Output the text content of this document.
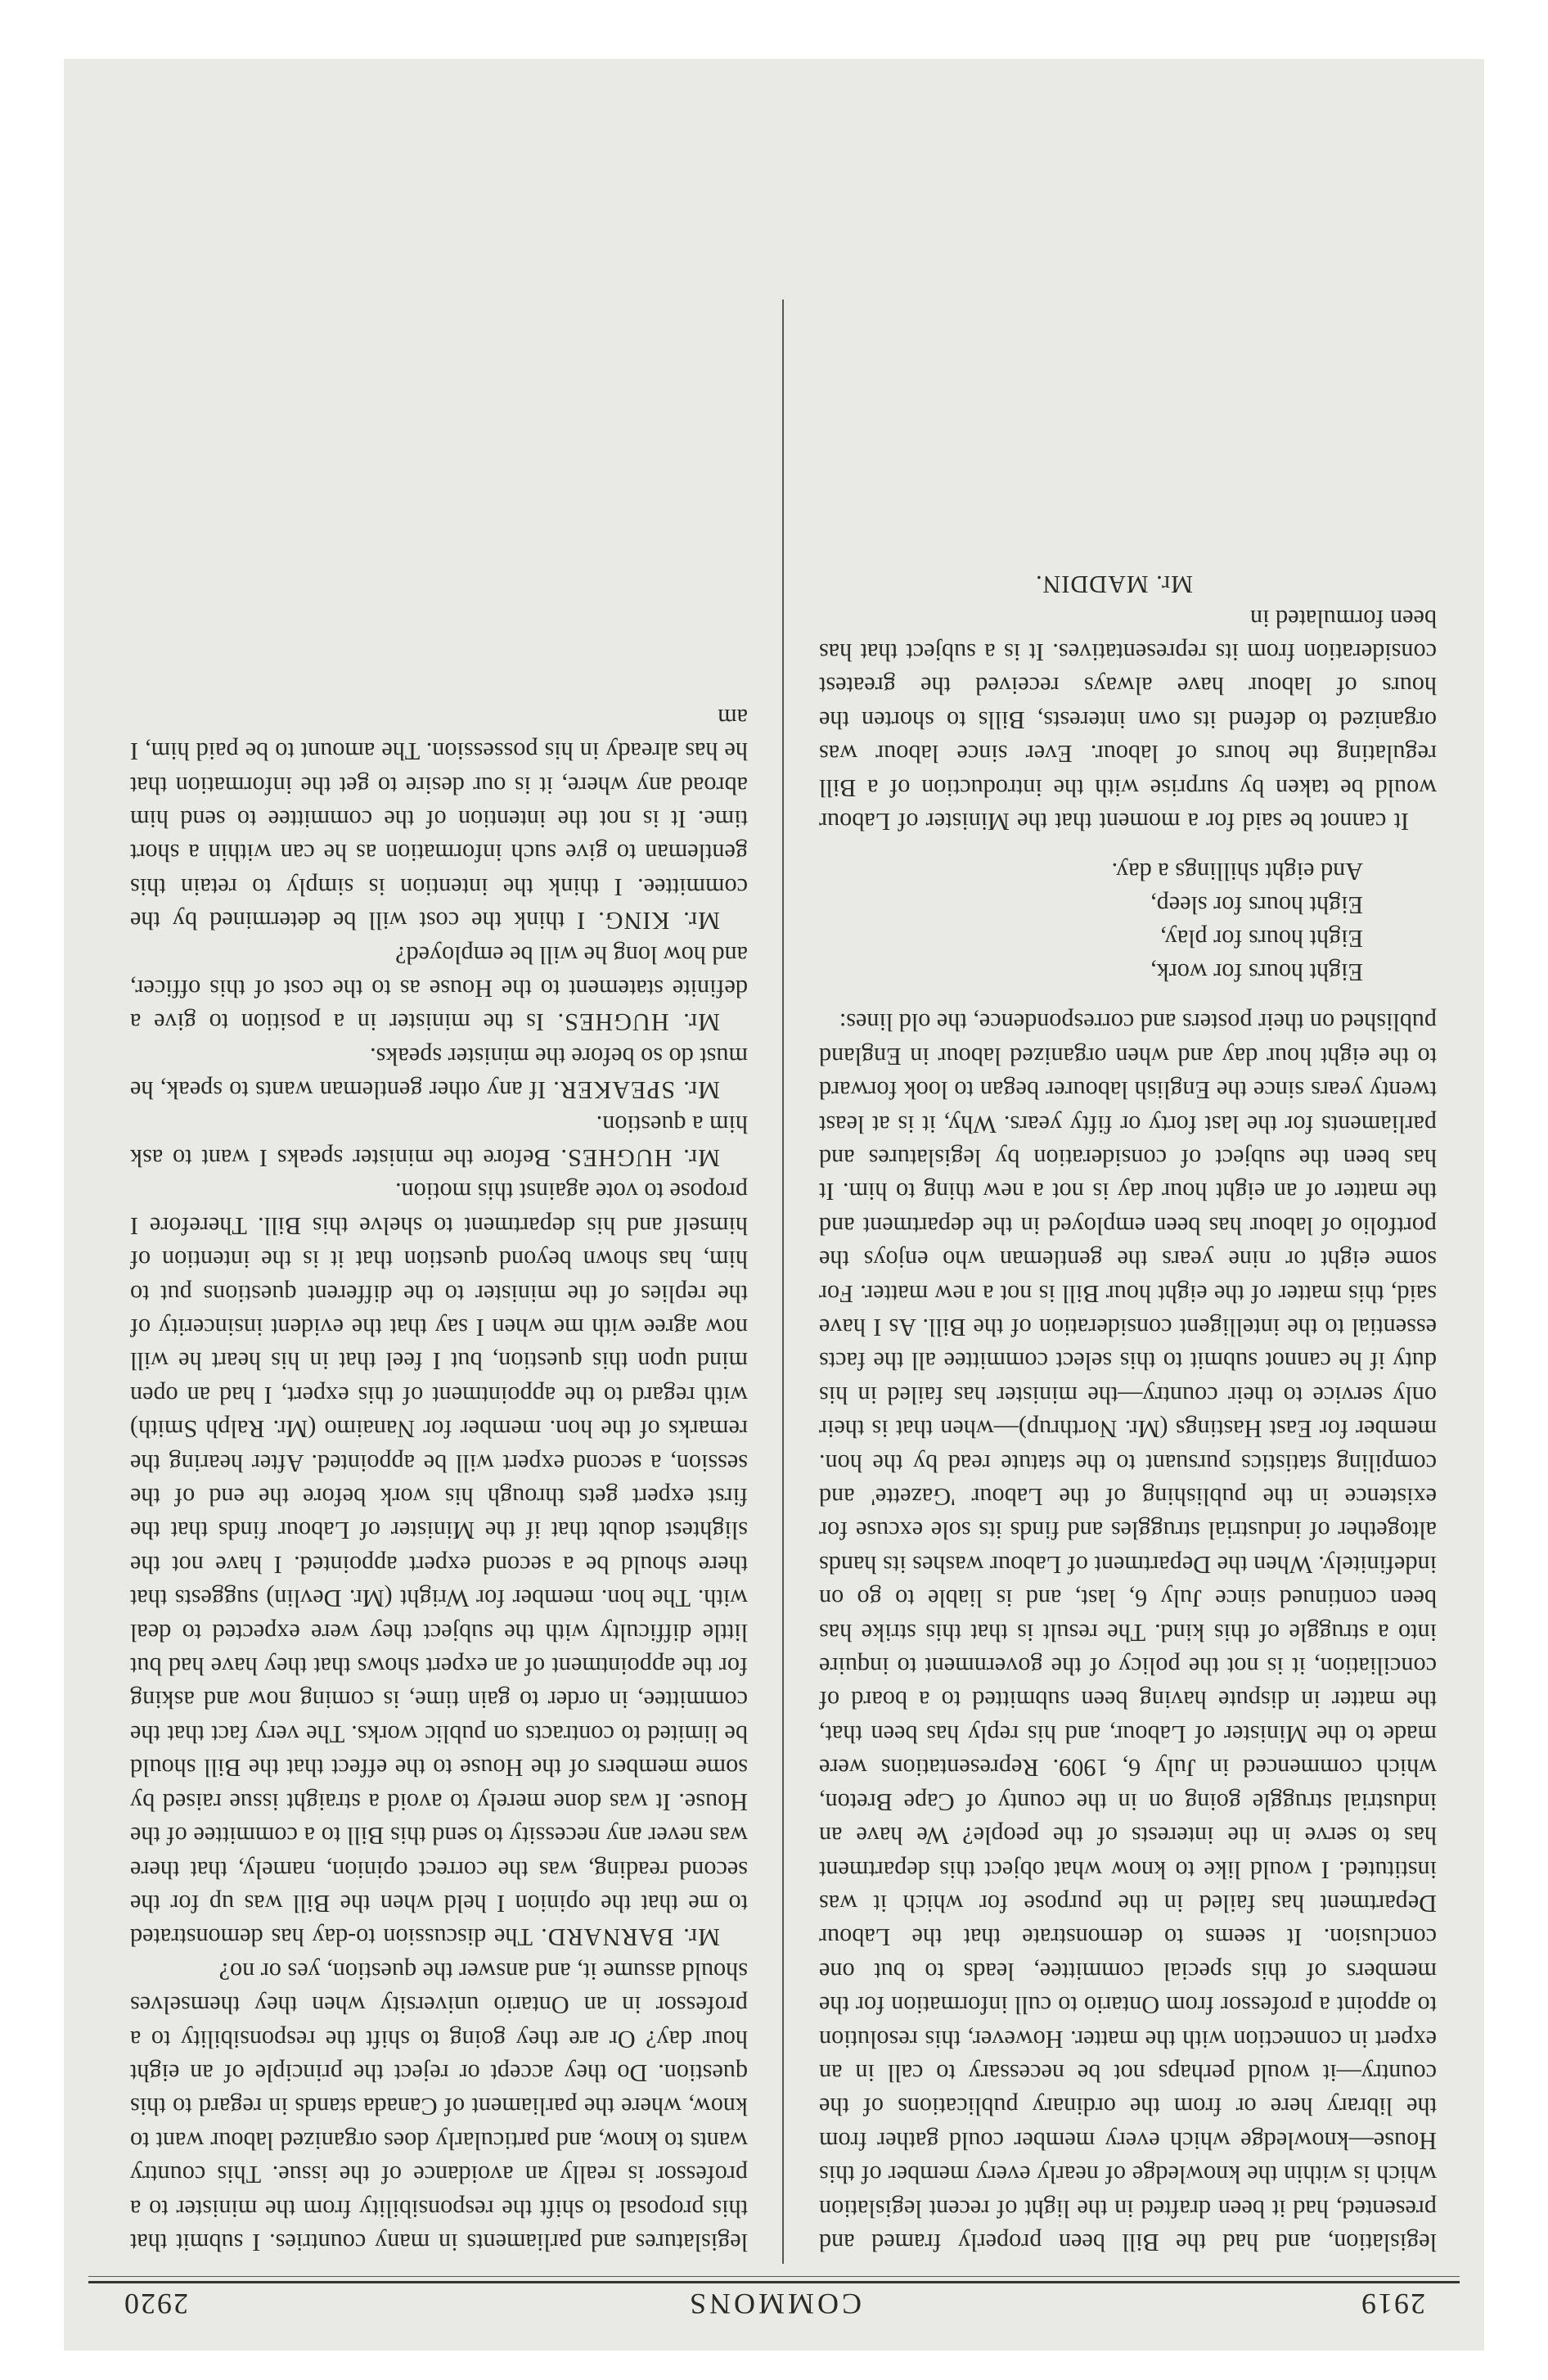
2919
COMMONS
2920

legislation, and had the Bill been properly framed and presented, had it been drafted in the light of recent legislation which is within the knowledge of nearly every member of this House—knowledge which every member could gather from the library here or from the ordinary publications of the country—it would perhaps not be necessary to call in an expert in connection with the matter. However, this resolution to appoint a professor from Ontario to cull information for the members of this special committee, leads to but one conclusion. It seems to demonstrate that the Labour Department has failed in the purpose for which it was instituted. I would like to know what object this department has to serve in the interests of the people? We have an industrial struggle going on in the county of Cape Breton, which commenced in July 6, 1909. Representations were made to the Minister of Labour, and his reply has been that, the matter in dispute having been submitted to a board of conciliation, it is not the policy of the government to inquire into a struggle of this kind. The result is that this strike has been continued since July 6, last, and is liable to go on indefinitely. When the Department of Labour washes its hands altogether of industrial struggles and finds its sole excuse for existence in the publishing of the Labour 'Gazette' and compiling statistics pursuant to the statute read by the hon. member for East Hastings (Mr. Northrup)—when that is their only service to their country—the minister has failed in his duty if he cannot submit to this select committee all the facts essential to the intelligent consideration of the Bill. As I have said, this matter of the eight hour Bill is not a new matter. For some eight or nine years the gentleman who enjoys the portfolio of labour has been employed in the department and the matter of an eight hour day is not a new thing to him. It has been the subject of consideration by legislatures and parliaments for the last forty or fifty years. Why, it is at least twenty years since the English labourer began to look forward to the eight hour day and when organized labour in England published on their posters and correspondence, the old lines:

Eight hours for work,
Eight hours for play,
Eight hours for sleep,
And eight shillings a day.

It cannot be said for a moment that the Minister of Labour would be taken by surprise with the introduction of a Bill regulating the hours of labour. Ever since labour was organized to defend its own interests, Bills to shorten the hours of labour have always received the greatest consideration from its representatives. It is a subject that has been formulated in

Mr. MADDIN.

legislatures and parliaments in many countries. I submit that this proposal to shift the responsibility from the minister to a professor is really an avoidance of the issue. This country wants to know, and particularly does organized labour want to know, where the parliament of Canada stands in regard to this question. Do they accept or reject the principle of an eight hour day? Or are they going to shift the responsibility to a professor in an Ontario university when they themselves should assume it, and answer the question, yes or no?

Mr. BARNARD. The discussion to-day has demonstrated to me that the opinion I held when the Bill was up for the second reading, was the correct opinion, namely, that there was never any necessity to send this Bill to a committee of the House. It was done merely to avoid a straight issue raised by some members of the House to the effect that the Bill should be limited to contracts on public works. The very fact that the committee, in order to gain time, is coming now and asking for the appointment of an expert shows that they have had but little difficulty with the subject they were expected to deal with. The hon. member for Wright (Mr. Devlin) suggests that there should be a second expert appointed. I have not the slightest doubt that if the Minister of Labour finds that the first expert gets through his work before the end of the session, a second expert will be appointed. After hearing the remarks of the hon. member for Nanaimo (Mr. Ralph Smith) with regard to the appointment of this expert, I had an open mind upon this question, but I feel that in his heart he will now agree with me when I say that the evident insincerity of the replies of the minister to the different questions put to him, has shown beyond question that it is the intention of himself and his department to shelve this Bill. Therefore I propose to vote against this motion.

Mr. HUGHES. Before the minister speaks I want to ask him a question.

Mr. SPEAKER. If any other gentleman wants to speak, he must do so before the minister speaks.

Mr. HUGHES. Is the minister in a position to give a definite statement to the House as to the cost of this officer, and how long he will be employed?

Mr. KING. I think the cost will be determined by the committee. I think the intention is simply to retain this gentleman to give such information as he can within a short time. It is not the intention of the committee to send him abroad any where, it is our desire to get the information that he has already in his possession. The amount to be paid him, I am
